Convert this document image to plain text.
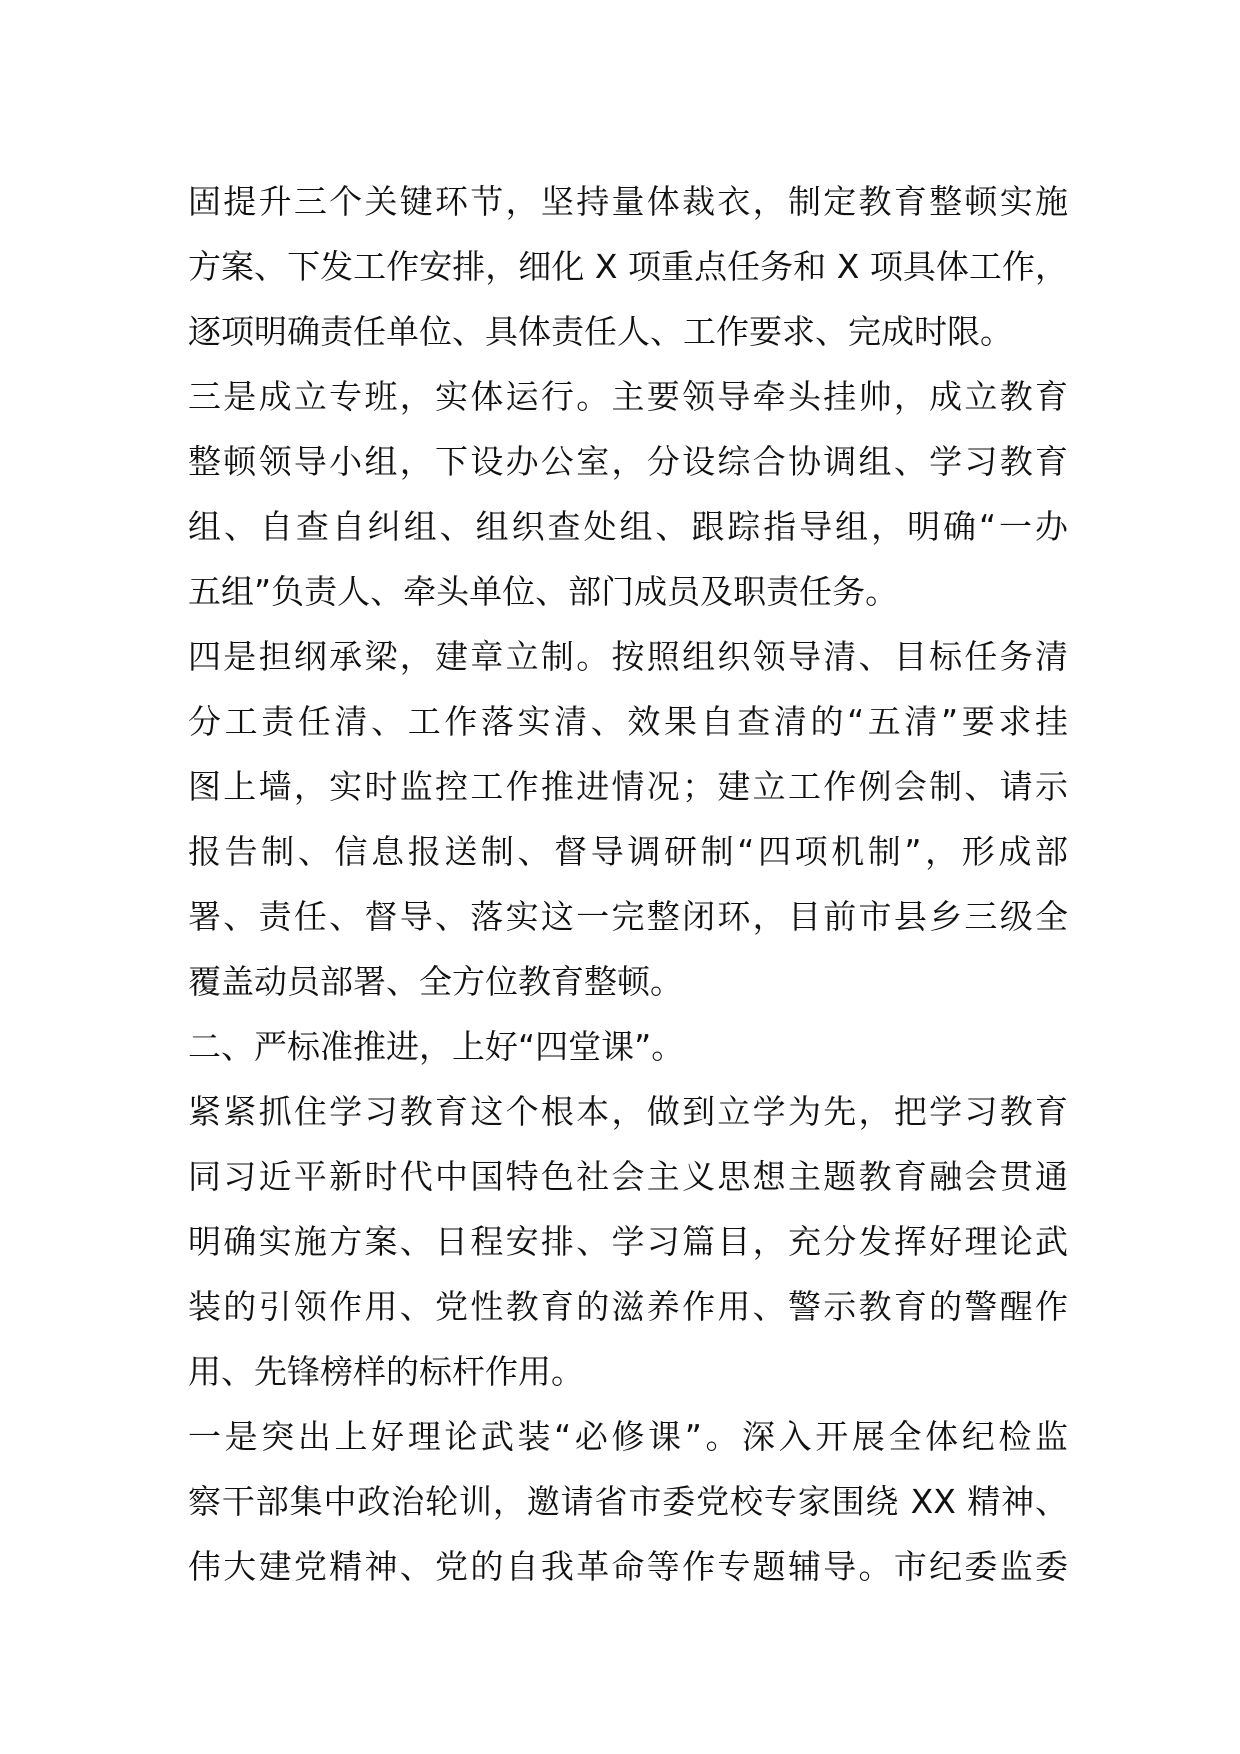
固提升三个关键环节，坚持量体裁衣，制定教育整顿实施
方案、下发工作安排，细化 X 项重点任务和 X 项具体工作，
逐项明确责任单位、具体责任人、工作要求、完成时限。
三是成立专班，实体运行。主要领导牵头挂帅，成立教育
整顿领导小组，下设办公室，分设综合协调组、学习教育
组、自查自纠组、组织查处组、跟踪指导组，明确“一办
五组”负责人、牵头单位、部门成员及职责任务。
四是担纲承梁，建章立制。按照组织领导清、目标任务清
分工责任清、工作落实清、效果自查清的“五清”要求挂
图上墙，实时监控工作推进情况；建立工作例会制、请示
报告制、信息报送制、督导调研制“四项机制”，形成部
署、责任、督导、落实这一完整闭环，目前市县乡三级全
覆盖动员部署、全方位教育整顿。
二、严标准推进，上好“四堂课”。
紧紧抓住学习教育这个根本，做到立学为先，把学习教育
同习近平新时代中国特色社会主义思想主题教育融会贯通
明确实施方案、日程安排、学习篇目，充分发挥好理论武
装的引领作用、党性教育的滋养作用、警示教育的警醒作
用、先锋榜样的标杆作用。
一是突出上好理论武装“必修课”。深入开展全体纪检监
察干部集中政治轮训，邀请省市委党校专家围绕 XX 精神、
伟大建党精神、党的自我革命等作专题辅导。市纪委监委
